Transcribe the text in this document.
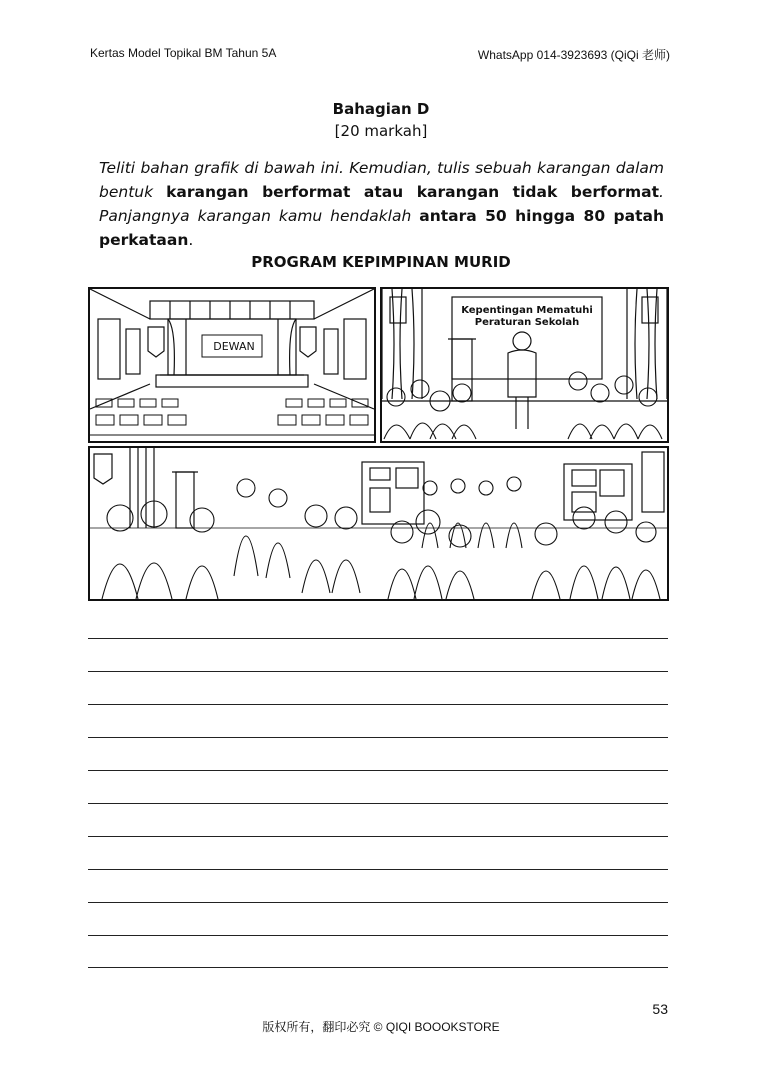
Kertas Model Topikal BM Tahun 5A	WhatsApp 014-3923693 (QiQi 老师)
Bahagian D
[20 markah]
Teliti bahan grafik di bawah ini. Kemudian, tulis sebuah karangan dalam bentuk karangan berformat atau karangan tidak berformat. Panjangnya karangan kamu hendaklah antara 50 hingga 80 patah perkataan.
PROGRAM KEPIMPINAN MURID
DEWAN
Kepentingan Mematuhi
Peraturan Sekolah
53
版权所有，翻印必究 © QIQI BOOOKSTORE
